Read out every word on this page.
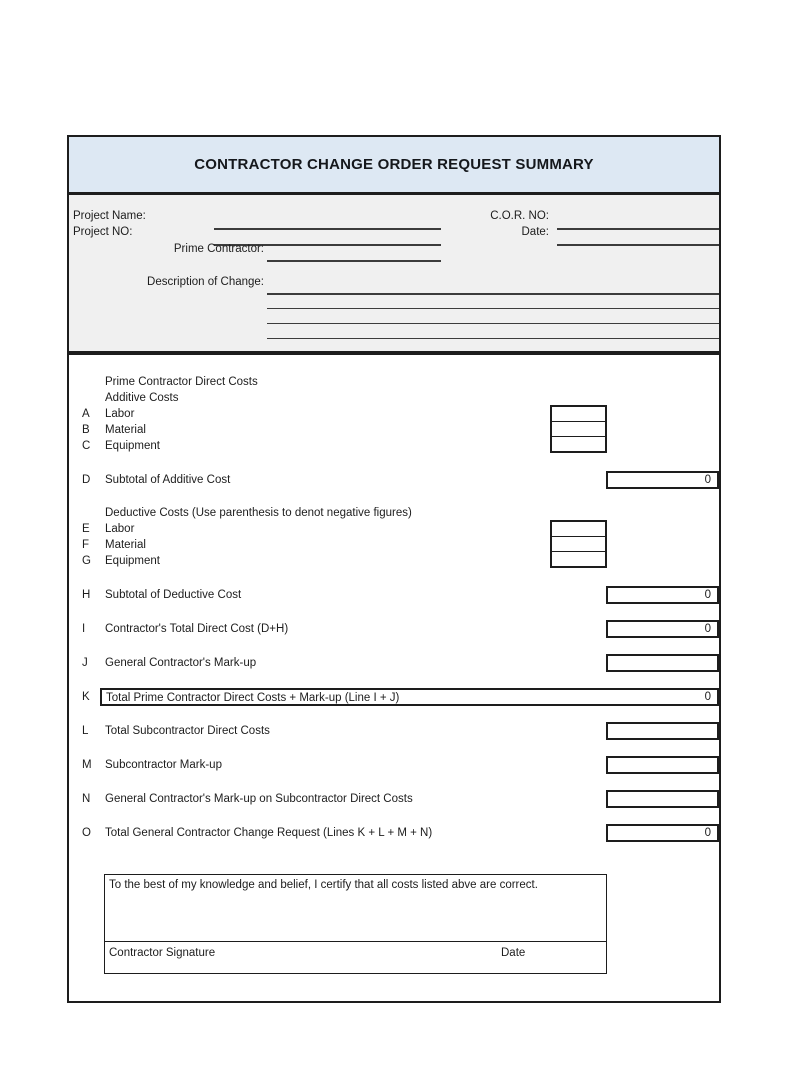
CONTRACTOR CHANGE ORDER REQUEST SUMMARY
Project Name:
Project NO:
Prime Contractor:
C.O.R. NO:
Date:
Description of Change:
Prime Contractor Direct Costs
Additive Costs
A Labor
B Material
C Equipment
D Subtotal of Additive Cost	0
Deductive Costs (Use parenthesis to denot negative figures)
E Labor
F Material
G Equipment
H Subtotal of Deductive Cost	0
I Contractor's Total Direct Cost (D+H)	0
J General Contractor's Mark-up
K Total Prime Contractor Direct Costs + Mark-up (Line I + J)	0
L Total Subcontractor Direct Costs
M Subcontractor Mark-up
N General Contractor's Mark-up on Subcontractor Direct Costs
O Total General Contractor Change Request (Lines K + L + M + N)	0
To the best of my knowledge and belief, I certify that all costs listed abve are correct.
Contractor Signature	Date
